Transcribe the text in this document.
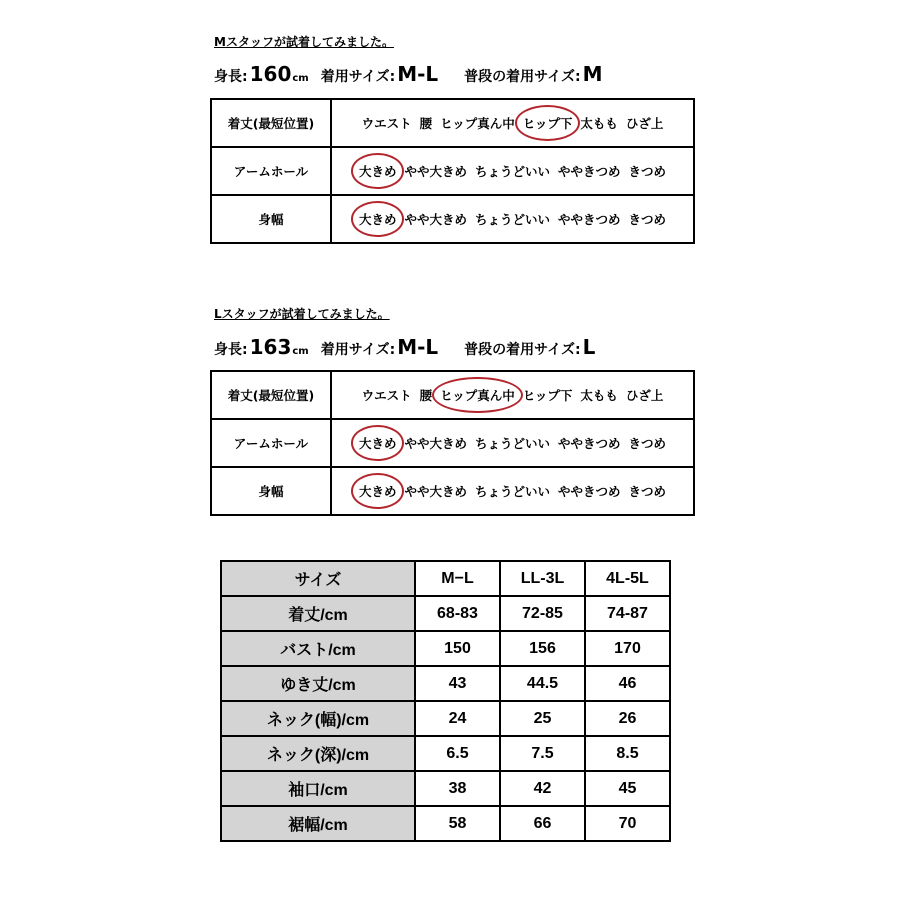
Mスタッフが試着してみました。
身長: 160 cm 着用サイズ: M-L 普段の着用サイズ: M
着丈(最短位置)	ウエスト 腰 ヒップ真ん中 ヒップ下 太もも ひざ上
アームホール	大きめ やや大きめ ちょうどいい ややきつめ きつめ
身幅	大きめ やや大きめ ちょうどいい ややきつめ きつめ
Lスタッフが試着してみました。
身長: 163 cm 着用サイズ: M-L 普段の着用サイズ: L
着丈(最短位置)	ウエスト 腰 ヒップ真ん中 ヒップ下 太もも ひざ上
アームホール	大きめ やや大きめ ちょうどいい ややきつめ きつめ
身幅	大きめ やや大きめ ちょうどいい ややきつめ きつめ
サイズ	M−L	LL-3L	4L-5L
着丈/cm	68-83	72-85	74-87
バスト/cm	150	156	170
ゆき丈/cm	43	44.5	46
ネック(幅)/cm	24	25	26
ネック(深)/cm	6.5	7.5	8.5
袖口/cm	38	42	45
裾幅/cm	58	66	70
